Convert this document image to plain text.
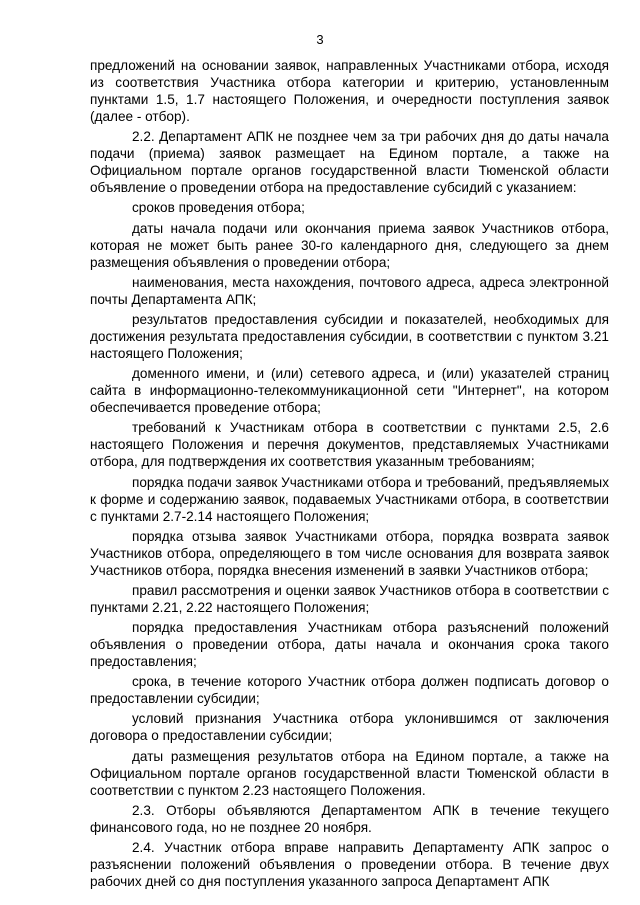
3

предложений на основании заявок, направленных Участниками отбора, исходя из соответствия Участника отбора категории и критерию, установленным пунктами 1.5, 1.7 настоящего Положения, и очередности поступления заявок (далее - отбор).

2.2. Департамент АПК не позднее чем за три рабочих дня до даты начала подачи (приема) заявок размещает на Едином портале, а также на Официальном портале органов государственной власти Тюменской области объявление о проведении отбора на предоставление субсидий с указанием:

сроков проведения отбора;

даты начала подачи или окончания приема заявок Участников отбора, которая не может быть ранее 30-го календарного дня, следующего за днем размещения объявления о проведении отбора;

наименования, места нахождения, почтового адреса, адреса электронной почты Департамента АПК;

результатов предоставления субсидии и показателей, необходимых для достижения результата предоставления субсидии, в соответствии с пунктом 3.21 настоящего Положения;

доменного имени, и (или) сетевого адреса, и (или) указателей страниц сайта в информационно-телекоммуникационной сети "Интернет", на котором обеспечивается проведение отбора;

требований к Участникам отбора в соответствии с пунктами 2.5, 2.6 настоящего Положения и перечня документов, представляемых Участниками отбора, для подтверждения их соответствия указанным требованиям;

порядка подачи заявок Участниками отбора и требований, предъявляемых к форме и содержанию заявок, подаваемых Участниками отбора, в соответствии с пунктами 2.7-2.14 настоящего Положения;

порядка отзыва заявок Участниками отбора, порядка возврата заявок Участников отбора, определяющего в том числе основания для возврата заявок Участников отбора, порядка внесения изменений в заявки Участников отбора;

правил рассмотрения и оценки заявок Участников отбора в соответствии с пунктами 2.21, 2.22 настоящего Положения;

порядка предоставления Участникам отбора разъяснений положений объявления о проведении отбора, даты начала и окончания срока такого предоставления;

срока, в течение которого Участник отбора должен подписать договор о предоставлении субсидии;

условий признания Участника отбора уклонившимся от заключения договора о предоставлении субсидии;

даты размещения результатов отбора на Едином портале, а также на Официальном портале органов государственной власти Тюменской области в соответствии с пунктом 2.23 настоящего Положения.

2.3. Отборы объявляются Департаментом АПК в течение текущего финансового года, но не позднее 20 ноября.

2.4. Участник отбора вправе направить Департаменту АПК запрос о разъяснении положений объявления о проведении отбора. В течение двух рабочих дней со дня поступления указанного запроса Департамент АПК
